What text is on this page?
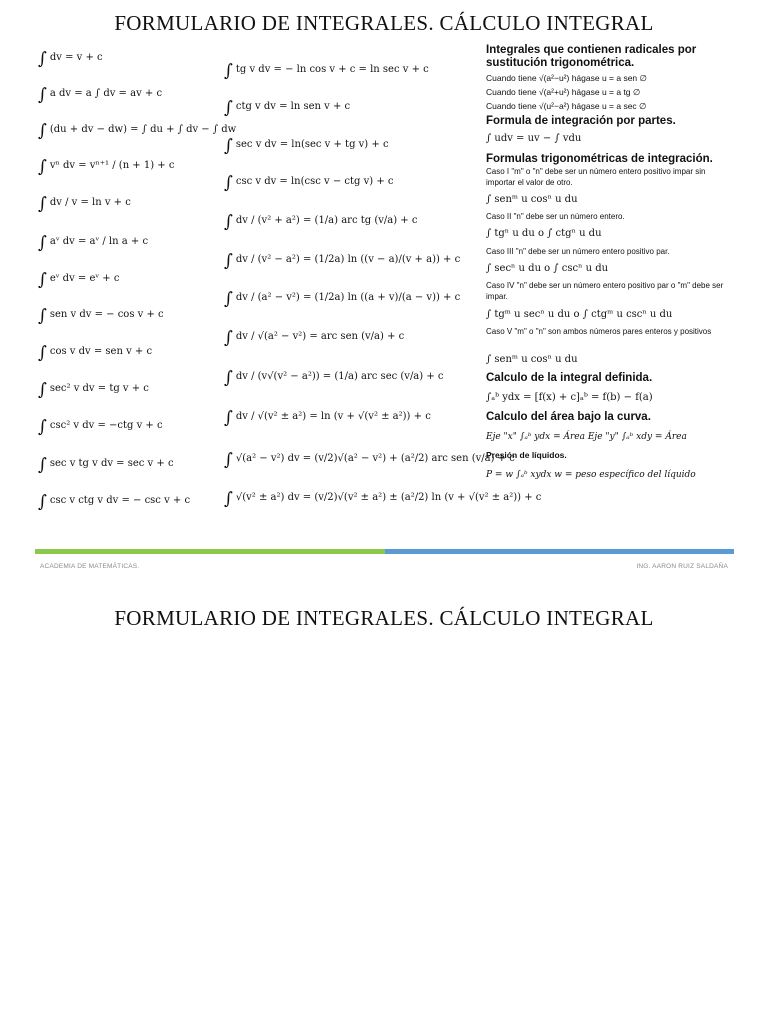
FORMULARIO DE INTEGRALES. CÁLCULO INTEGRAL
∫ dv = v + c
∫ a dv = a ∫ dv = av + c
∫ (du + dv − dw) = ∫ du + ∫ dv − ∫ dw
∫ vⁿ dv = vⁿ⁺¹ / (n + 1) + c
∫ dv / v = ln v + c
∫ aᵛ dv = aᵛ / ln a + c
∫ eᵛ dv = eᵛ + c
∫ sen v dv = − cos v + c
∫ cos v dv = sen v + c
∫ sec² v dv = tg v + c
∫ csc² v dv = −ctg v + c
∫ sec v tg v dv = sec v + c
∫ csc v ctg v dv = − csc v + c
∫ tg v dv = − ln cos v + c = ln sec v + c
∫ ctg v dv = ln sen v + c
∫ sec v dv = ln(sec v + tg v) + c
∫ csc v dv = ln(csc v − ctg v) + c
∫ dv / (v² + a²) = (1/a) arc tg (v/a) + c
∫ dv / (v² − a²) = (1/2a) ln ((v − a)/(v + a)) + c
∫ dv / (a² − v²) = (1/2a) ln ((a + v)/(a − v)) + c
∫ dv / √(a² − v²) = arc sen (v/a) + c
∫ dv / (v√(v² − a²)) = (1/a) arc sec (v/a) + c
∫ dv / √(v² ± a²) = ln (v + √(v² ± a²)) + c
∫ √(a² − v²) dv = (v/2)√(a² − v²) + (a²/2) arc sen (v/a) + c
∫ √(v² ± a²) dv = (v/2)√(v² ± a²) ± (a²/2) ln (v + √(v² ± a²)) + c
Integrales que contienen radicales por sustitución trigonométrica.
Cuando tiene √(a²−u²) hágase u = a sen ∅
Cuando tiene √(a²+u²) hágase u = a tg ∅
Cuando tiene √(u²−a²) hágase u = a sec ∅
Formula de integración por partes.
∫ udv = uv − ∫ vdu
Formulas trigonométricas de integración.
Caso I "m" o "n" debe ser un número entero positivo impar sin importar el valor de otro.
∫ senᵐ u cosⁿ u du
Caso II "n" debe ser un número entero.
∫ tgⁿ u du o ∫ ctgⁿ u du
Caso III "n" debe ser un número entero positivo par.
∫ secⁿ u du o ∫ cscⁿ u du
Caso IV "n" debe ser un número entero positivo par o "m" debe ser impar.
∫ tgᵐ u secⁿ u du o ∫ ctgᵐ u cscⁿ u du
Caso V "m" o "n" son ambos números pares enteros y positivos
∫ senᵐ u cosⁿ u du
Calculo de la integral definida.
∫ₐᵇ ydx = [f(x) + c]ₐᵇ = f(b) − f(a)
Calculo del área bajo la curva.
Eje "x" ∫ₐᵇ ydx = Área Eje "y" ∫ₐᵇ xdy = Área
Presión de líquidos.
P = w ∫ₐᵇ xydx w = peso específico del líquido
ACADEMIA DE MATEMÁTICAS.	ING. AARON RUIZ SALDAÑA
FORMULARIO DE INTEGRALES. CÁLCULO INTEGRAL
